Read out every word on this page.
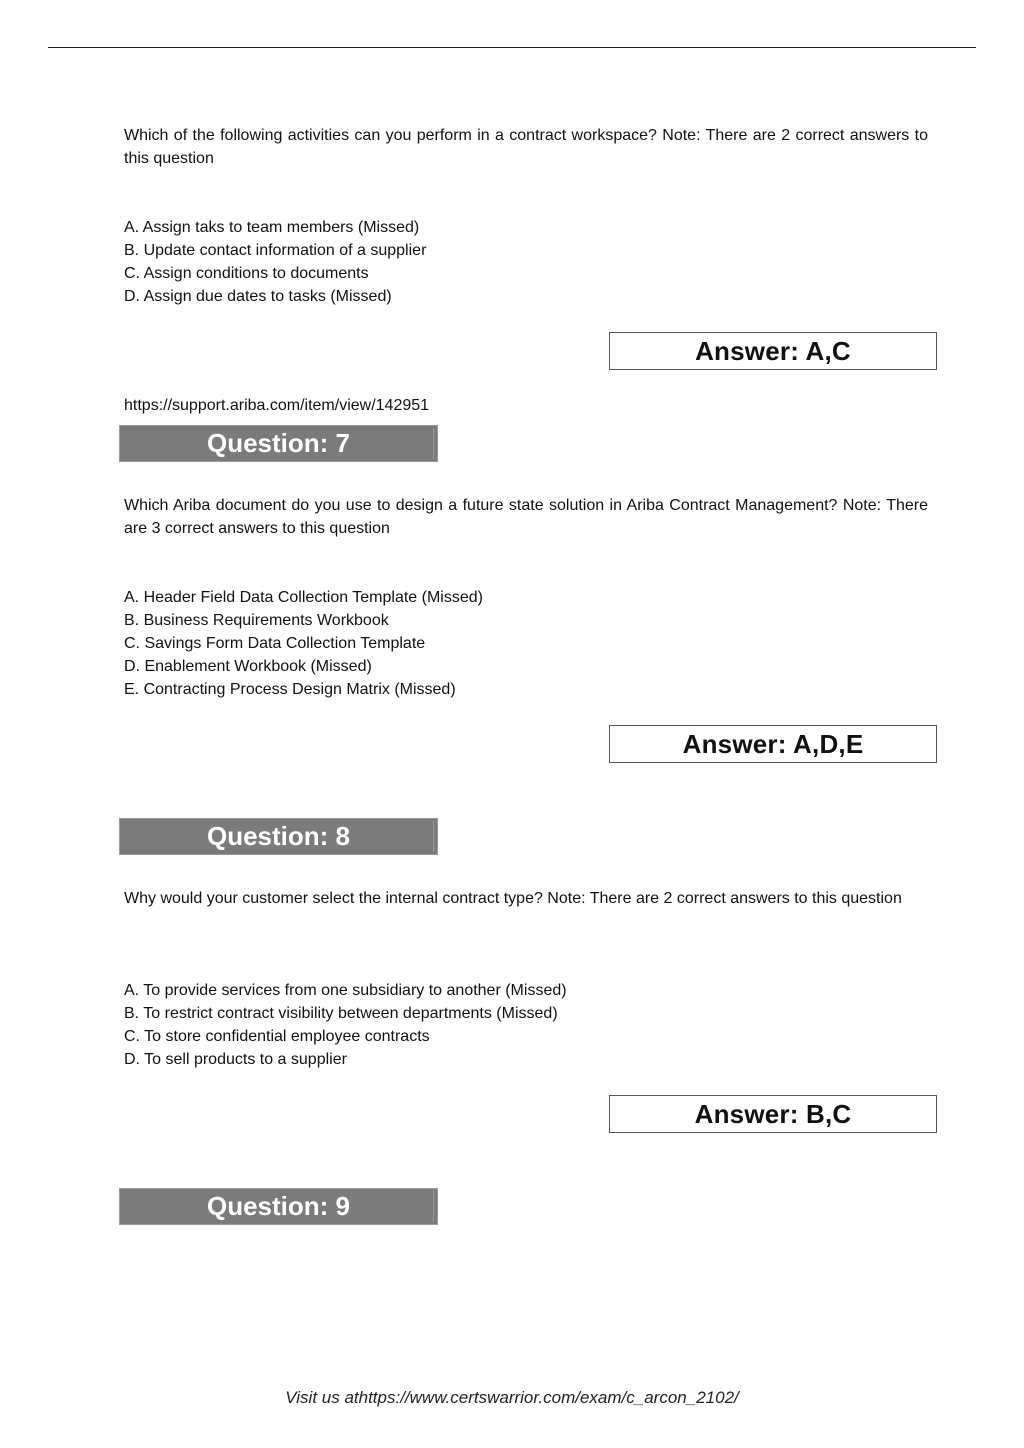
Which of the following activities can you perform in a contract workspace? Note: There are 2 correct answers to this question
A. Assign taks to team members (Missed)
B. Update contact information of a supplier
C. Assign conditions to documents
D. Assign due dates to tasks (Missed)
Answer: A,C
https://support.ariba.com/item/view/142951
Question: 7
Which Ariba document do you use to design a future state solution in Ariba Contract Management? Note: There are 3 correct answers to this question
A. Header Field Data Collection Template (Missed)
B. Business Requirements Workbook
C. Savings Form Data Collection Template
D. Enablement Workbook (Missed)
E. Contracting Process Design Matrix (Missed)
Answer: A,D,E
Question: 8
Why would your customer select the internal contract type? Note: There are 2 correct answers to this question
A. To provide services from one subsidiary to another (Missed)
B. To restrict contract visibility between departments (Missed)
C. To store confidential employee contracts
D. To sell products to a supplier
Answer: B,C
Question: 9
Visit us athttps://www.certswarrior.com/exam/c_arcon_2102/
